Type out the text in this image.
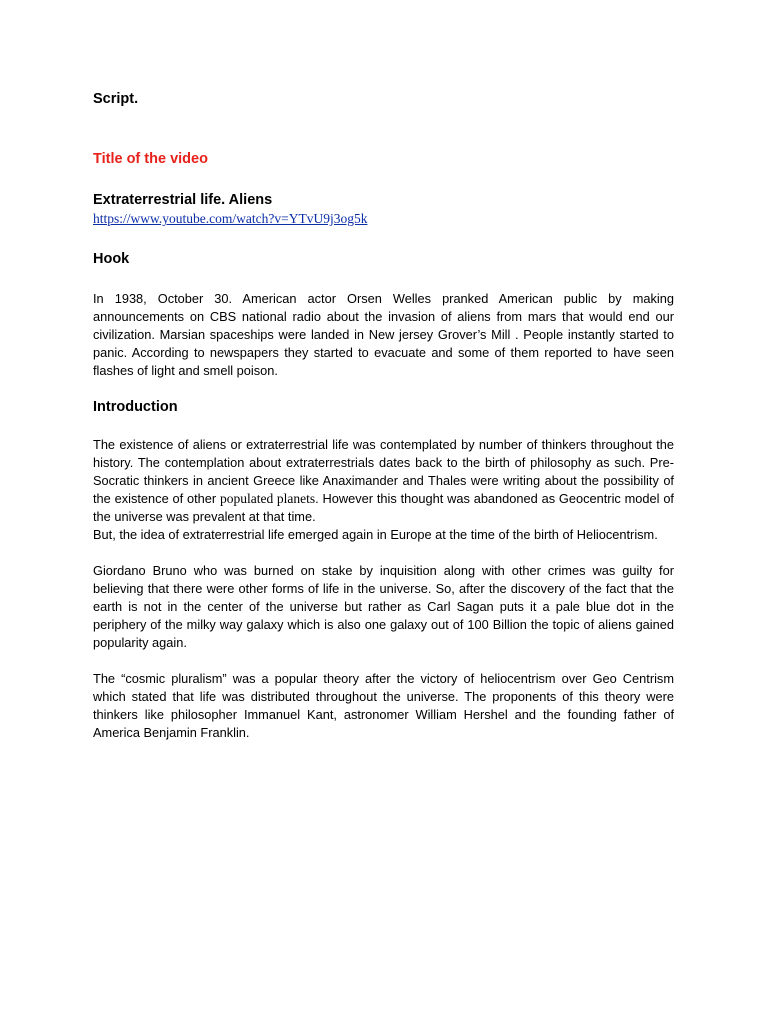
Script.

Title of the video

Extraterrestrial life. Aliens

https://www.youtube.com/watch?v=YTvU9j3og5k

Hook

In 1938, October 30. American actor Orsen Welles pranked American public by making announcements on CBS national radio about the invasion of aliens from mars that would end our civilization. Marsian spaceships were landed in New jersey Grover’s Mill . People instantly started to panic. According to newspapers they started to evacuate and some of them reported to have seen flashes of light and smell poison.

Introduction

The existence of aliens or extraterrestrial life was contemplated by number of thinkers throughout the history. The contemplation about extraterrestrials dates back to the birth of philosophy as such. Pre-Socratic thinkers in ancient Greece like Anaximander and Thales were writing about the possibility of the existence of other populated planets. However this thought was abandoned as Geocentric model of the universe was prevalent at that time.

But, the idea of extraterrestrial life emerged again in Europe at the time of the birth of Heliocentrism.

Giordano Bruno who was burned on stake by inquisition along with other crimes was guilty for believing that there were other forms of life in the universe. So, after the discovery of the fact that the earth is not in the center of the universe but rather as Carl Sagan puts it a pale blue dot in the periphery of the milky way galaxy which is also one galaxy out of 100 Billion the topic of aliens gained popularity again.

The “cosmic pluralism” was a popular theory after the victory of heliocentrism over Geo Centrism which stated that life was distributed throughout the universe. The proponents of this theory were thinkers like philosopher Immanuel Kant, astronomer William Hershel and the founding father of America Benjamin Franklin.
